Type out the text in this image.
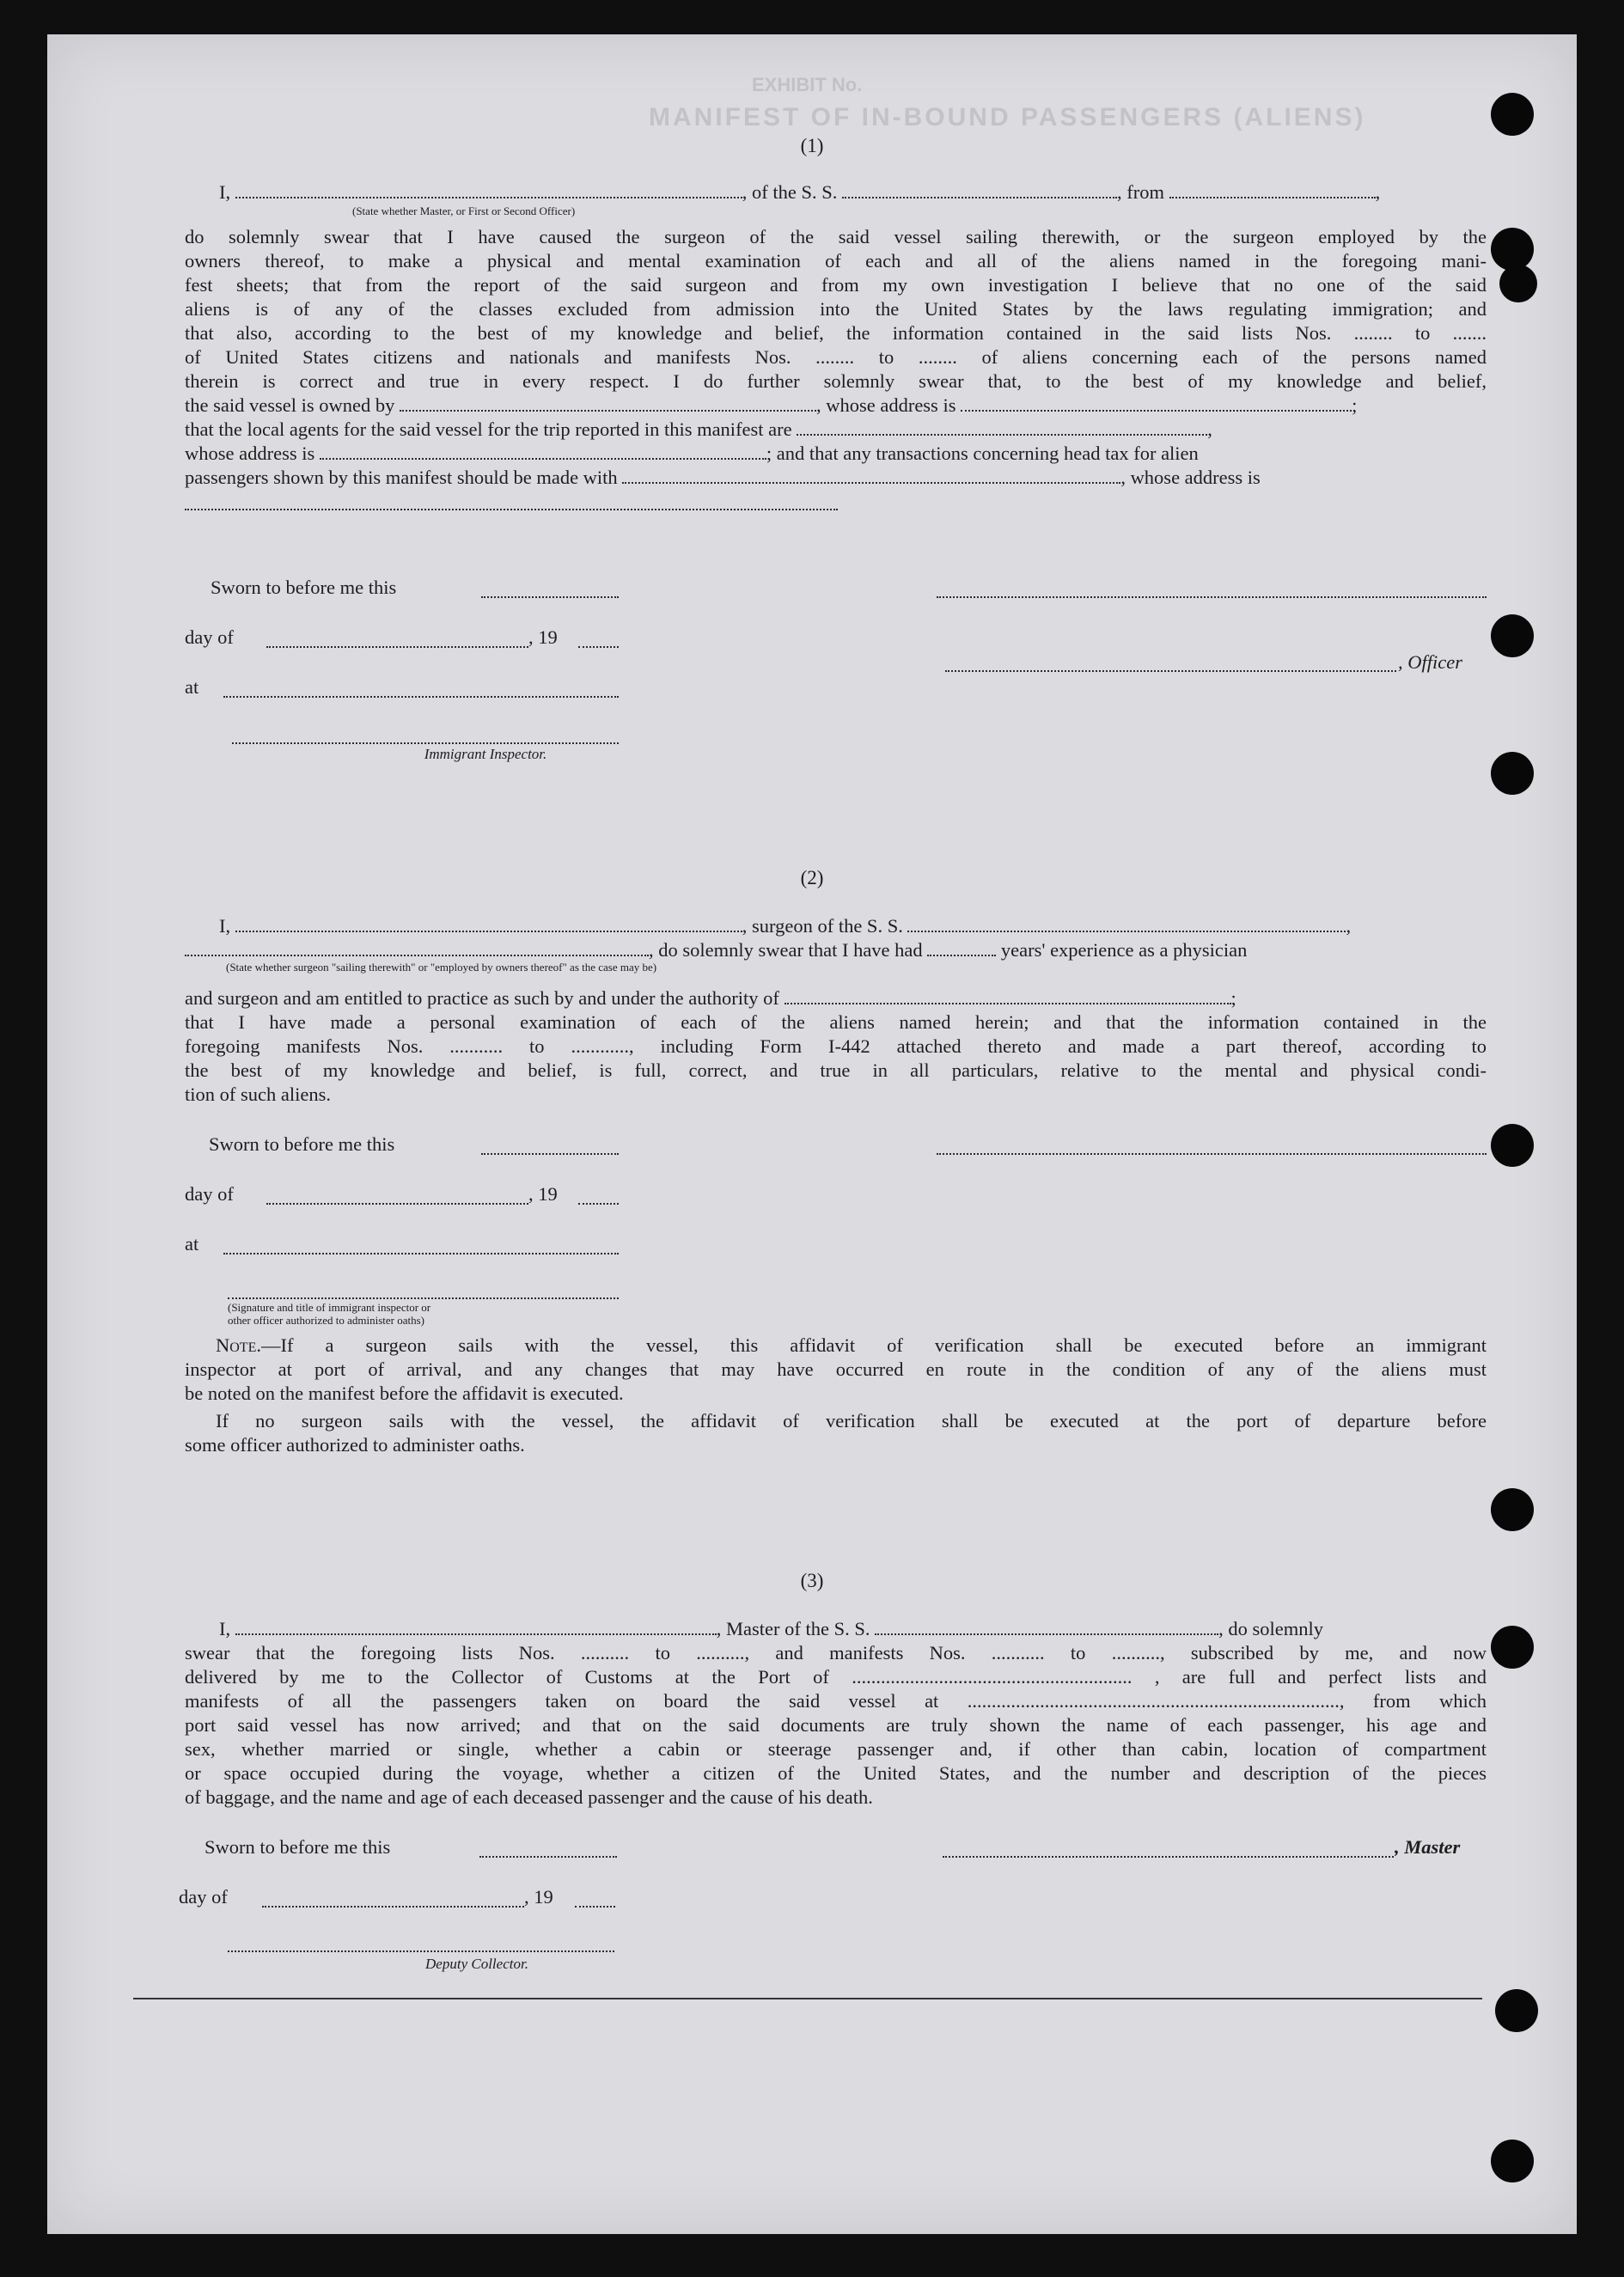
EXHIBIT No.
MANIFEST OF IN-BOUND PASSENGERS (ALIENS)
(1)
I,	, of the S. S.	, from	,
(State whether Master, or First or Second Officer)
do solemnly swear that I have caused the surgeon of the said vessel sailing therewith, or the surgeon employed by the
owners thereof, to make a physical and mental examination of each and all of the aliens named in the foregoing mani-
fest sheets; that from the report of the said surgeon and from my own investigation I believe that no one of the said
aliens is of any of the classes excluded from admission into the United States by the laws regulating immigration; and
that also, according to the best of my knowledge and belief, the information contained in the said lists Nos. ........ to .......
of United States citizens and nationals and manifests Nos. ........ to ........ of aliens concerning each of the persons named
therein is correct and true in every respect. I do further solemnly swear that, to the best of my knowledge and belief,
the said vessel is owned by	, whose address is	;
that the local agents for the said vessel for the trip reported in this manifest are	,
whose address is	; and that any transactions concerning head tax for alien
passengers shown by this manifest should be made with	, whose address is
Sworn to before me this
day of	, 19
, Officer
at
Immigrant Inspector.
(2)
I,	, surgeon of the S. S.	,
, do solemnly swear that I have had	years' experience as a physician
(State whether surgeon "sailing therewith" or "employed by owners thereof" as the case may be)
and surgeon and am entitled to practice as such by and under the authority of	;
that I have made a personal examination of each of the aliens named herein; and that the information contained in the
foregoing manifests Nos. ........... to ............, including Form I-442 attached thereto and made a part thereof, according to
the best of my knowledge and belief, is full, correct, and true in all particulars, relative to the mental and physical condi-
tion of such aliens.
Sworn to before me this
day of	, 19
at
(Signature and title of immigrant inspector or
other officer authorized to administer oaths)
Note.—If a surgeon sails with the vessel, this affidavit of verification shall be executed before an immigrant
inspector at port of arrival, and any changes that may have occurred en route in the condition of any of the aliens must
be noted on the manifest before the affidavit is executed.
If no surgeon sails with the vessel, the affidavit of verification shall be executed at the port of departure before
some officer authorized to administer oaths.
(3)
I,	, Master of the S. S.	, do solemnly
swear that the foregoing lists Nos. .......... to .........., and manifests Nos. ........... to .........., subscribed by me, and now
delivered by me to the Collector of Customs at the Port of .......................................................... , are full and perfect lists and
manifests of all the passengers taken on board the said vessel at ............................................................................., from which
port said vessel has now arrived; and that on the said documents are truly shown the name of each passenger, his age and
sex, whether married or single, whether a cabin or steerage passenger and, if other than cabin, location of compartment
or space occupied during the voyage, whether a citizen of the United States, and the number and description of the pieces
of baggage, and the name and age of each deceased passenger and the cause of his death.
Sworn to before me this	, Master
day of	, 19
Deputy Collector.
